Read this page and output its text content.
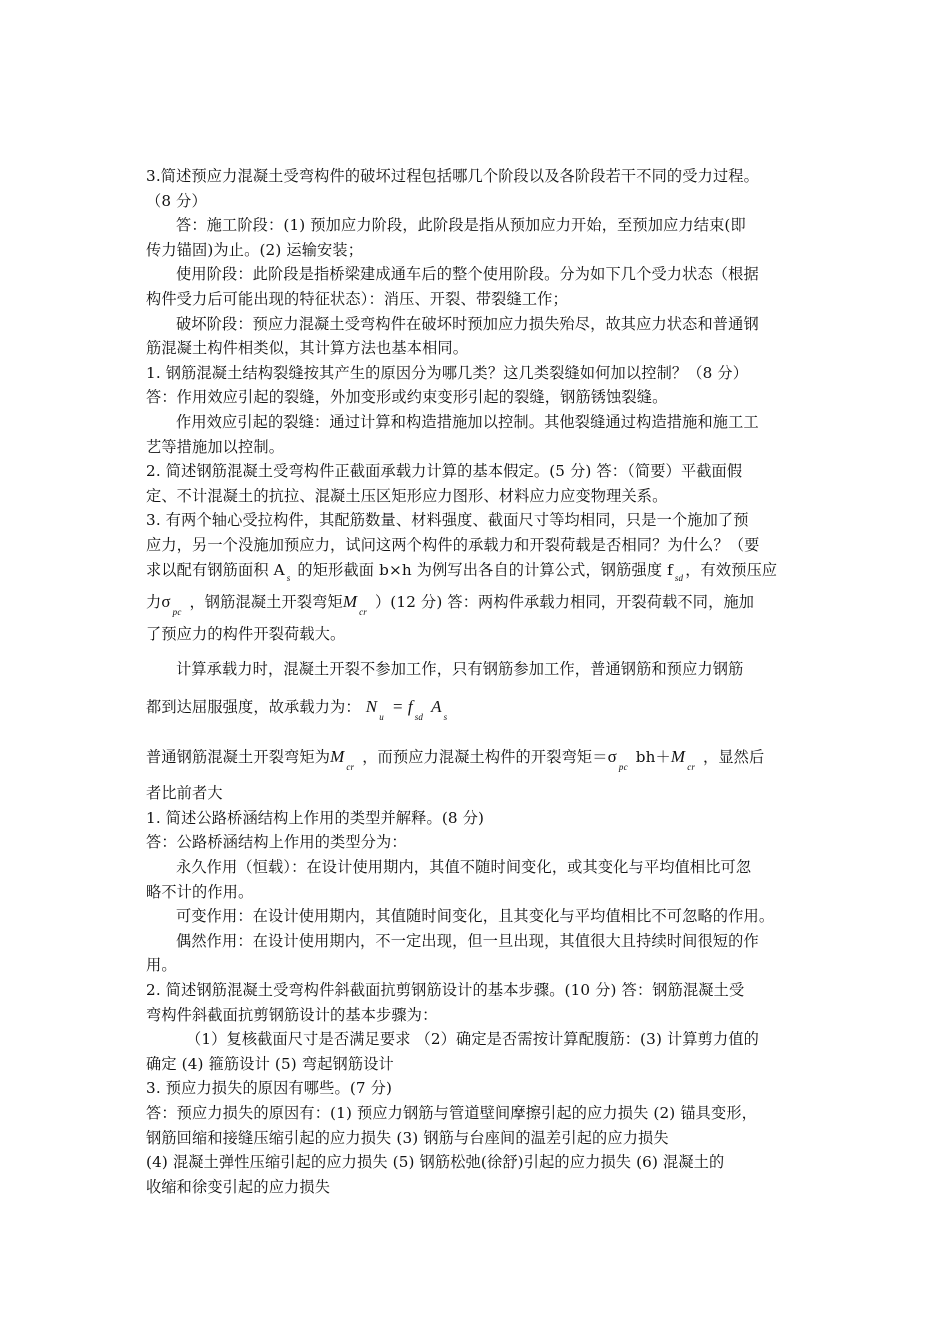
3.简述预应力混凝土受弯构件的破坏过程包括哪几个阶段以及各阶段若干不同的受力过程。
（8 分）
答：施工阶段：(1) 预加应力阶段，此阶段是指从预加应力开始，至预加应力结束(即
传力锚固)为止。(2) 运输安装；
使用阶段：此阶段是指桥梁建成通车后的整个使用阶段。分为如下几个受力状态（根据
构件受力后可能出现的特征状态）：消压、开裂、带裂缝工作；
破坏阶段：预应力混凝土受弯构件在破坏时预加应力损失殆尽，故其应力状态和普通钢
筋混凝土构件相类似，其计算方法也基本相同。
1. 钢筋混凝土结构裂缝按其产生的原因分为哪几类？这几类裂缝如何加以控制？（8 分）
答：作用效应引起的裂缝，外加变形或约束变形引起的裂缝，钢筋锈蚀裂缝。
作用效应引起的裂缝：通过计算和构造措施加以控制。其他裂缝通过构造措施和施工工
艺等措施加以控制。
2. 简述钢筋混凝土受弯构件正截面承载力计算的基本假定。(5 分) 答：（简要）平截面假
定、不计混凝土的抗拉、混凝土压区矩形应力图形、材料应力应变物理关系。
3. 有两个轴心受拉构件，其配筋数量、材料强度、截面尺寸等均相同，只是一个施加了预
应力，另一个没施加预应力，试问这两个构件的承载力和开裂荷载是否相同？为什么？（要
求以配有钢筋面积 A $_s$ 的矩形截面 b×h 为例写出各自的计算公式，钢筋强度 f $_{sd}$ ，有效预压应
力$\sigma_{pc}$，钢筋混凝土开裂弯矩$M_{cr})(12$ 分) 答：两构件承载力相同，开裂荷载不同，施加
了预应力的构件开裂荷载大。
计算承载力时，混凝土开裂不参加工作，只有钢筋参加工作，普通钢筋和预应力钢筋
都到达屈服强度，故承载力为： $N_u= f_{sd}A_s$
普通钢筋混凝土开裂弯矩为$M_{cr}$，而预应力混凝土构件的开裂弯矩$=\sigma_{pc}bh+M_{cr}$，显然后
者比前者大
1. 简述公路桥涵结构上作用的类型并解释。(8 分)
答：公路桥涵结构上作用的类型分为：
永久作用（恒载）：在设计使用期内，其值不随时间变化，或其变化与平均值相比可忽
略不计的作用。
可变作用：在设计使用期内，其值随时间变化，且其变化与平均值相比不可忽略的作用。
偶然作用：在设计使用期内，不一定出现，但一旦出现，其值很大且持续时间很短的作
用。
2. 简述钢筋混凝土受弯构件斜截面抗剪钢筋设计的基本步骤。(10 分) 答：钢筋混凝土受
弯构件斜截面抗剪钢筋设计的基本步骤为：
（1）复核截面尺寸是否满足要求 （2）确定是否需按计算配腹筋：(3) 计算剪力值的
确定 (4) 箍筋设计 (5) 弯起钢筋设计
3. 预应力损失的原因有哪些。(7 分)
答：预应力损失的原因有：(1) 预应力钢筋与管道壁间摩擦引起的应力损失 (2) 锚具变形，
钢筋回缩和接缝压缩引起的应力损失 (3) 钢筋与台座间的温差引起的应力损失
(4) 混凝土弹性压缩引起的应力损失 (5) 钢筋松弛(徐舒)引起的应力损失 (6) 混凝土的
收缩和徐变引起的应力损失
